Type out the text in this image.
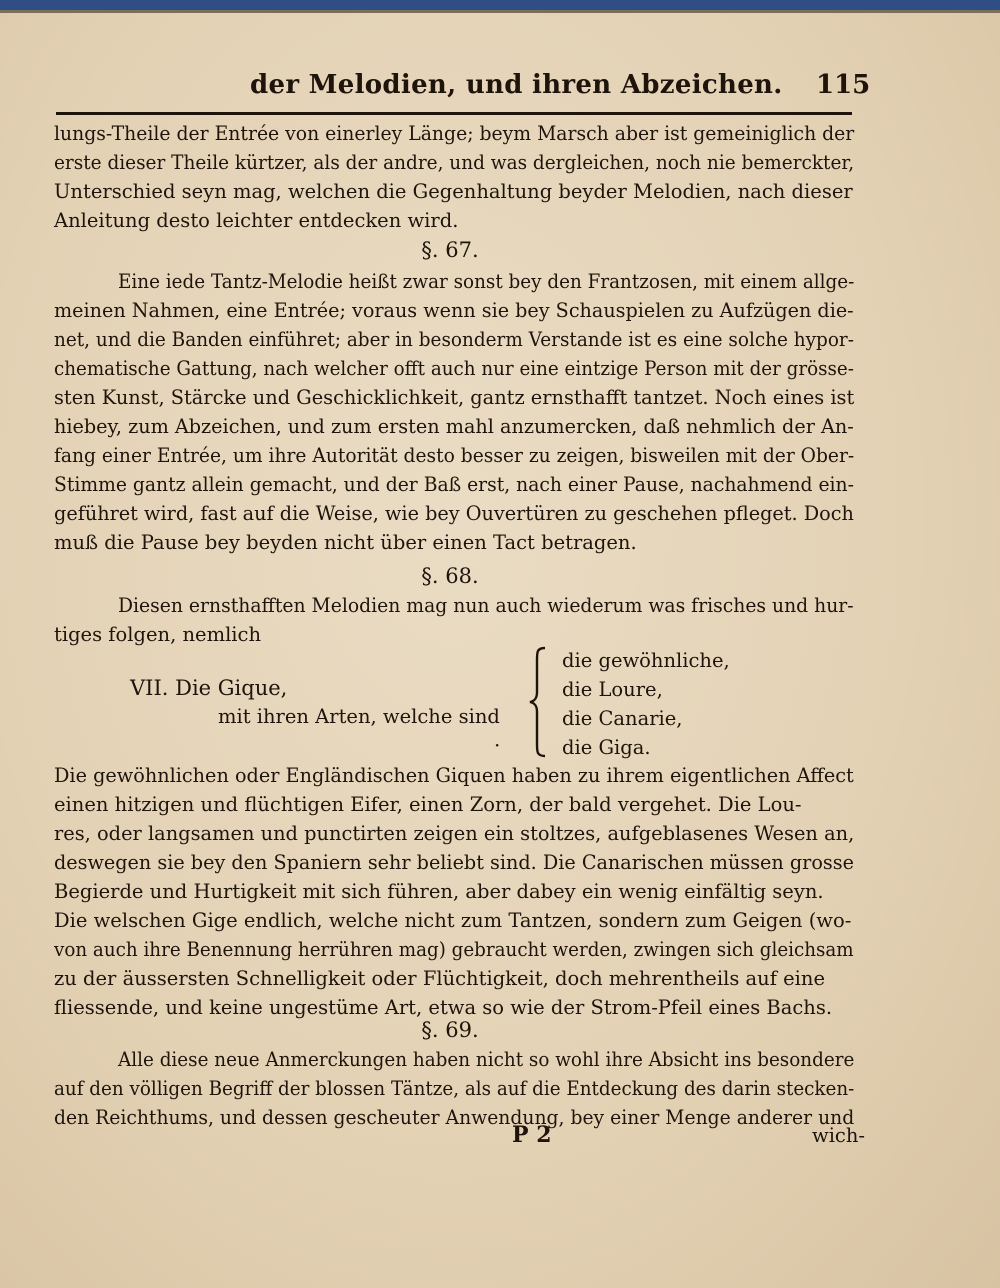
der Melodien, und ihren Abzeichen. 115
lungs-Theile der Entrée von einerley Länge; beym Marsch aber ist gemeiniglich der
erste dieser Theile kürtzer, als der andre, und was dergleichen, noch nie bemerckter,
Unterschied seyn mag, welchen die Gegenhaltung beyder Melodien, nach dieser
Anleitung desto leichter entdecken wird.
§. 67.
Eine iede Tantz-Melodie heißt zwar sonst bey den Frantzosen, mit einem allge-
meinen Nahmen, eine Entrée; voraus wenn sie bey Schauspielen zu Aufzügen die-
net, und die Banden einführet; aber in besonderm Verstande ist es eine solche hypor-
chematische Gattung, nach welcher offt auch nur eine eintzige Person mit der grösse-
sten Kunst, Stärcke und Geschicklichkeit, gantz ernsthafft tantzet. Noch eines ist
hiebey, zum Abzeichen, und zum ersten mahl anzumercken, daß nehmlich der An-
fang einer Entrée, um ihre Autorität desto besser zu zeigen, bisweilen mit der Ober-
Stimme gantz allein gemacht, und der Baß erst, nach einer Pause, nachahmend ein-
geführet wird, fast auf die Weise, wie bey Ouvertüren zu geschehen pfleget. Doch
muß die Pause bey beyden nicht über einen Tact betragen.
§. 68.
Diesen ernsthafften Melodien mag nun auch wiederum was frisches und hur-
tiges folgen, nemlich
VII. Die Gique,
mit ihren Arten, welche sind
die gewöhnliche,
die Loure,
die Canarie,
die Giga.
·
Die gewöhnlichen oder Engländischen Giquen haben zu ihrem eigentlichen Affect
einen hitzigen und flüchtigen Eifer, einen Zorn, der bald vergehet. Die Lou-
res, oder langsamen und punctirten zeigen ein stoltzes, aufgeblasenes Wesen an,
deswegen sie bey den Spaniern sehr beliebt sind. Die Canarischen müssen grosse
Begierde und Hurtigkeit mit sich führen, aber dabey ein wenig einfältig seyn.
Die welschen Gige endlich, welche nicht zum Tantzen, sondern zum Geigen (wo-
von auch ihre Benennung herrühren mag) gebraucht werden, zwingen sich gleichsam
zu der äussersten Schnelligkeit oder Flüchtigkeit, doch mehrentheils auf eine
fliessende, und keine ungestüme Art, etwa so wie der Strom-Pfeil eines Bachs.
§. 69.
Alle diese neue Anmerckungen haben nicht so wohl ihre Absicht ins besondere
auf den völligen Begriff der blossen Täntze, als auf die Entdeckung des darin stecken-
den Reichthums, und dessen gescheuter Anwendung, bey einer Menge anderer und
P 2	wich-
